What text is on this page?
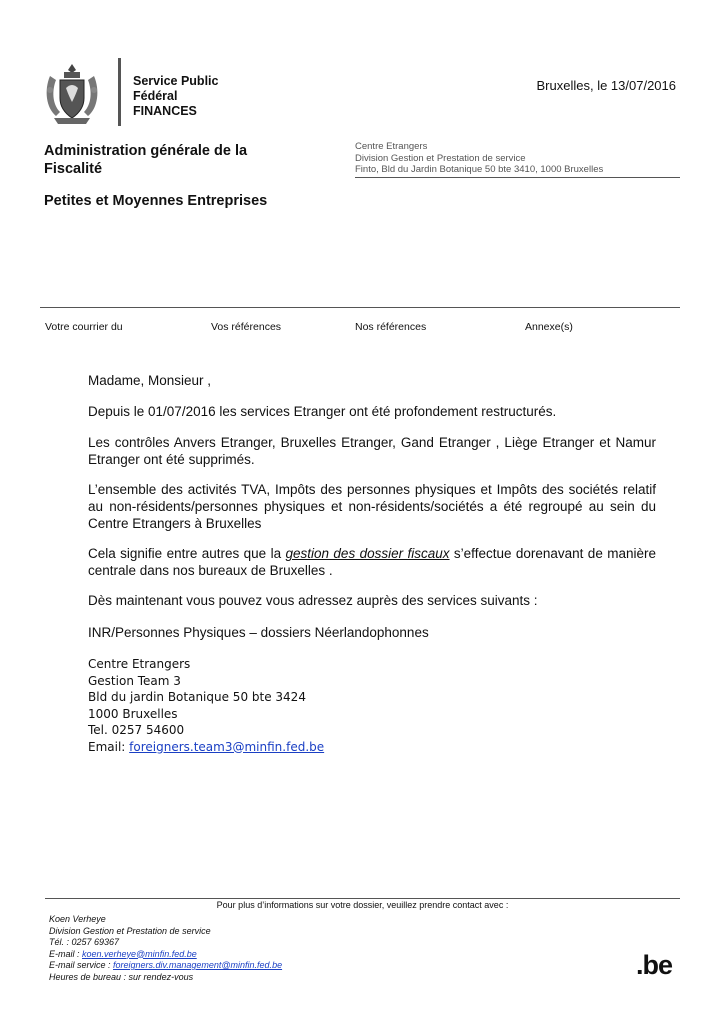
Service Public
Fédéral
FINANCES
Bruxelles, le 13/07/2016
Administration générale de la Fiscalité
Petites et Moyennes Entreprises
Centre Etrangers
Division Gestion et Prestation de service
Finto, Bld du Jardin Botanique 50 bte 3410, 1000 Bruxelles
Votre courrier du	Vos références	Nos références	Annexe(s)
Madame, Monsieur ,
Depuis le 01/07/2016 les services Etranger ont été profondement restructurés.
Les contrôles Anvers Etranger, Bruxelles Etranger, Gand Etranger , Liège Etranger et Namur Etranger ont été supprimés.
L’ensemble des activités TVA, Impôts des personnes physiques et Impôts des sociétés relatif au non-résidents/personnes physiques et non-résidents/sociétés a été regroupé au sein du Centre Etrangers à Bruxelles
Cela signifie entre autres que la gestion des dossier fiscaux s’effectue dorenavant de manière centrale dans nos bureaux de Bruxelles .
Dès maintenant vous pouvez vous adressez auprès des services suivants :
INR/Personnes Physiques – dossiers Néerlandophonnes
Centre Etrangers
Gestion Team 3
Bld du jardin Botanique 50 bte 3424
1000 Bruxelles
Tel. 0257 54600
Email: foreigners.team3@minfin.fed.be
Pour plus d’informations sur votre dossier, veuillez prendre contact avec :
Koen Verheye
Division Gestion et Prestation de service
Tél. : 0257 69367
E-mail : koen.verheye@minfin.fed.be
E-mail service : foreigners.div.management@minfin.fed.be
Heures de bureau : sur rendez-vous	.be
